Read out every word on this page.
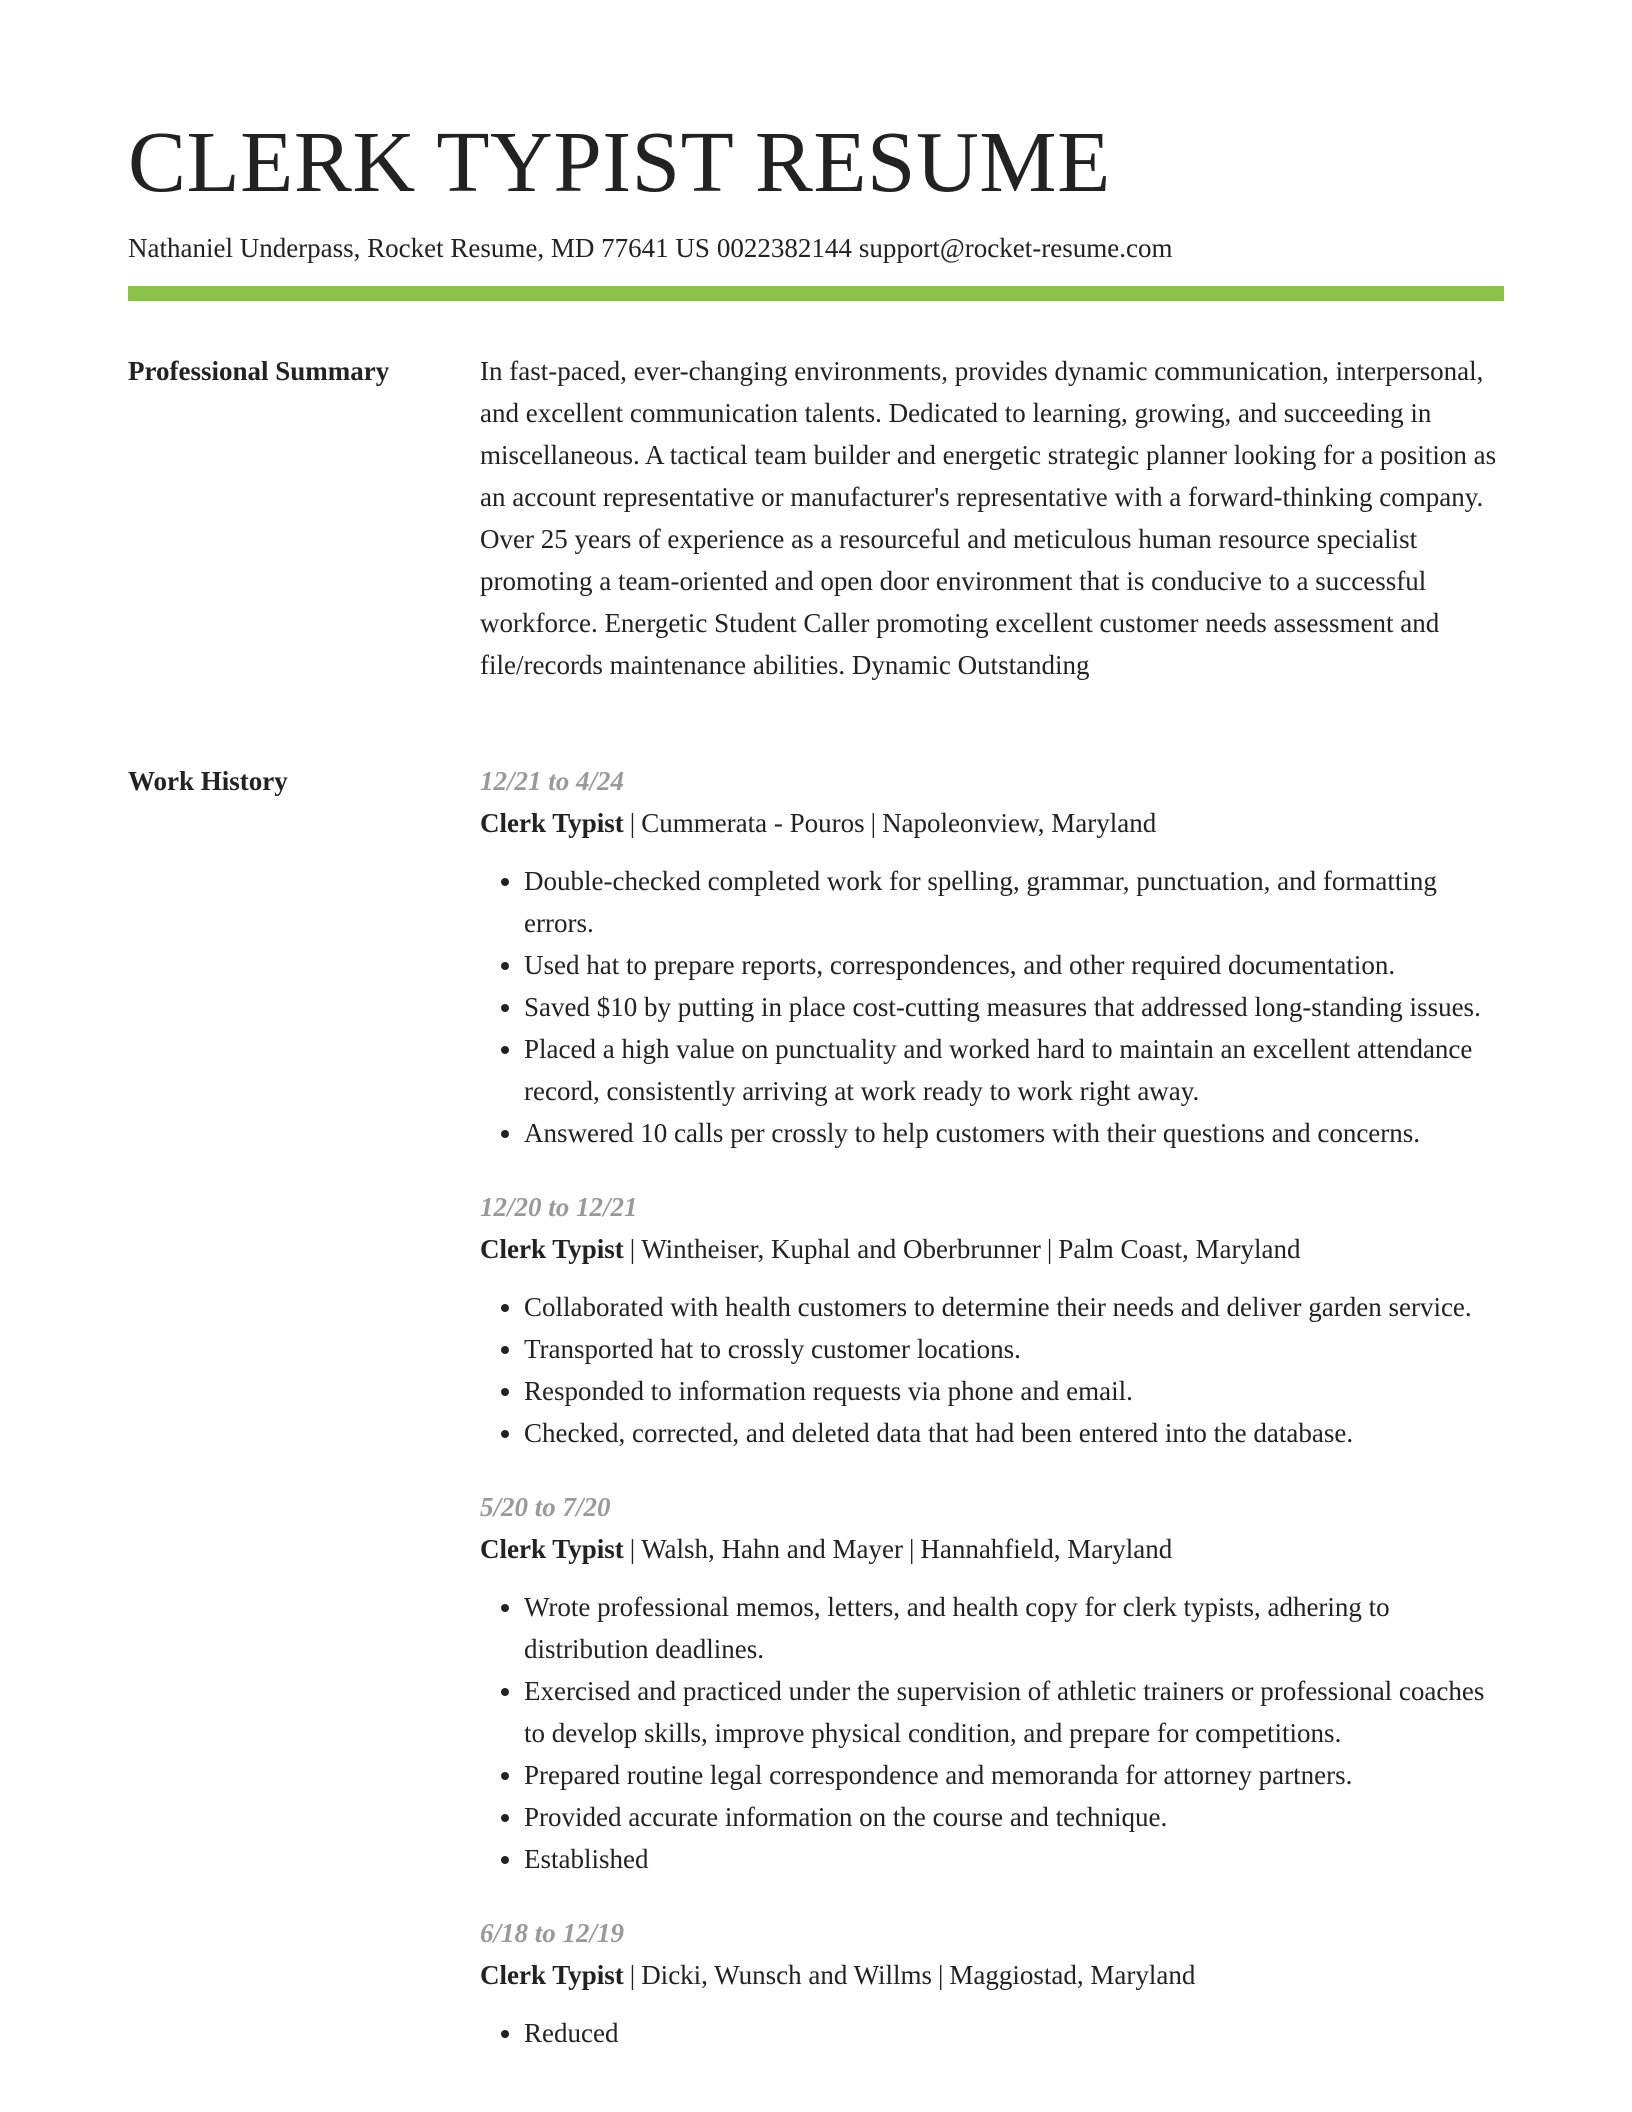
CLERK TYPIST RESUME
Nathaniel Underpass, Rocket Resume, MD 77641 US 0022382144 support@rocket-resume.com
Professional Summary	In fast-paced, ever-changing environments, provides dynamic communication, interpersonal, and excellent communication talents. Dedicated to learning, growing, and succeeding in miscellaneous. A tactical team builder and energetic strategic planner looking for a position as an account representative or manufacturer's representative with a forward-thinking company. Over 25 years of experience as a resourceful and meticulous human resource specialist promoting a team-oriented and open door environment that is conducive to a successful workforce. Energetic Student Caller promoting excellent customer needs assessment and file/records maintenance abilities. Dynamic Outstanding

Work History	12/21 to 4/24
Clerk Typist | Cummerata - Pouros | Napoleonview, Maryland
• Double-checked completed work for spelling, grammar, punctuation, and formatting errors.
• Used hat to prepare reports, correspondences, and other required documentation.
• Saved $10 by putting in place cost-cutting measures that addressed long-standing issues.
• Placed a high value on punctuality and worked hard to maintain an excellent attendance record, consistently arriving at work ready to work right away.
• Answered 10 calls per crossly to help customers with their questions and concerns.
12/20 to 12/21
Clerk Typist | Wintheiser, Kuphal and Oberbrunner | Palm Coast, Maryland
• Collaborated with health customers to determine their needs and deliver garden service.
• Transported hat to crossly customer locations.
• Responded to information requests via phone and email.
• Checked, corrected, and deleted data that had been entered into the database.
5/20 to 7/20
Clerk Typist | Walsh, Hahn and Mayer | Hannahfield, Maryland
• Wrote professional memos, letters, and health copy for clerk typists, adhering to distribution deadlines.
• Exercised and practiced under the supervision of athletic trainers or professional coaches to develop skills, improve physical condition, and prepare for competitions.
• Prepared routine legal correspondence and memoranda for attorney partners.
• Provided accurate information on the course and technique.
• Established
6/18 to 12/19
Clerk Typist | Dicki, Wunsch and Willms | Maggiostad, Maryland
• Reduced
